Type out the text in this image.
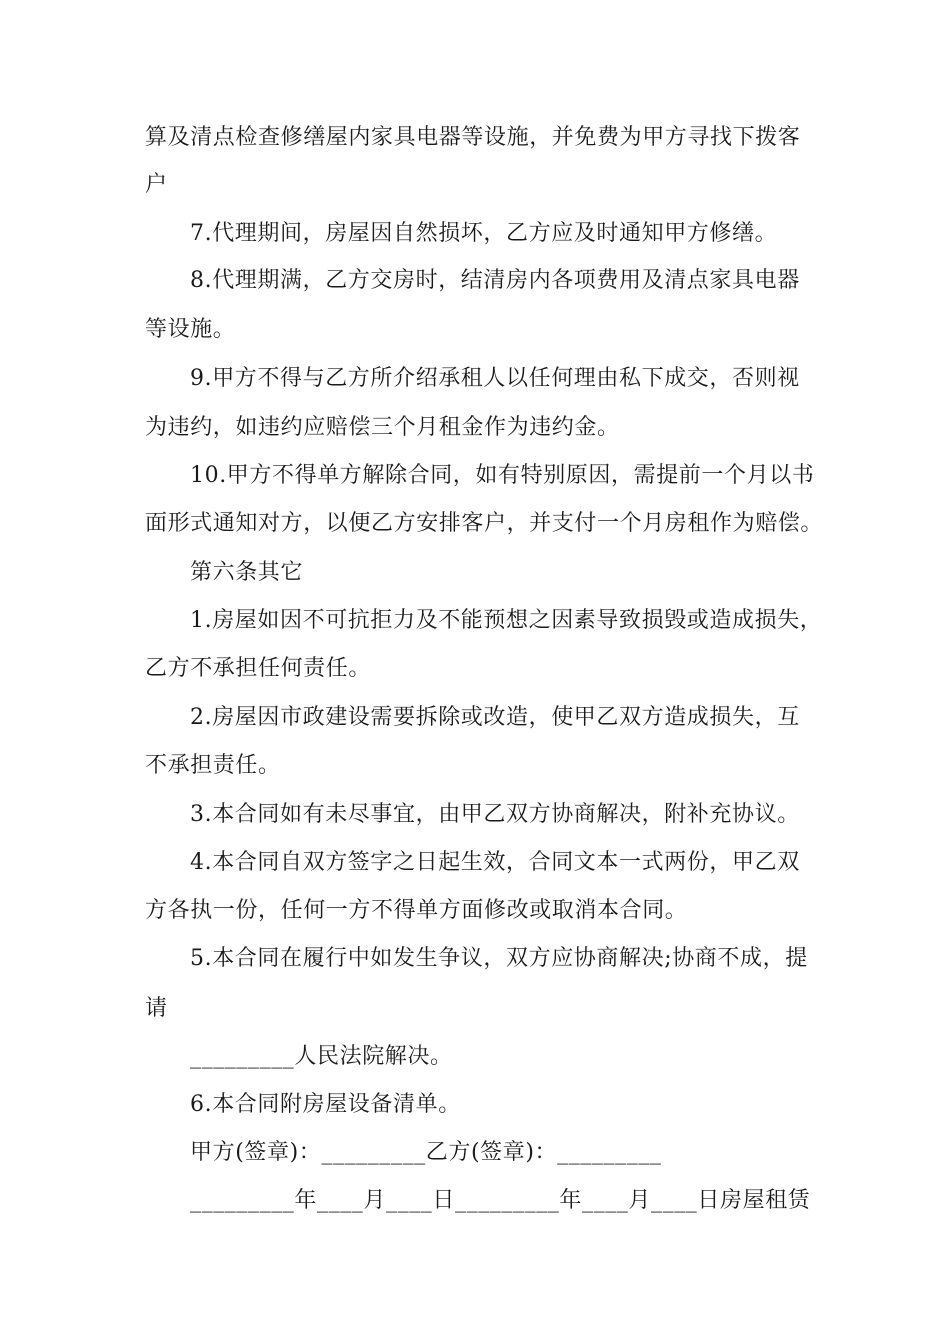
算及清点检查修缮屋内家具电器等设施，并免费为甲方寻找下拨客
户
7.代理期间，房屋因自然损坏，乙方应及时通知甲方修缮。
8.代理期满，乙方交房时，结清房内各项费用及清点家具电器
等设施。
9.甲方不得与乙方所介绍承租人以任何理由私下成交，否则视
为违约，如违约应赔偿三个月租金作为违约金。
10.甲方不得单方解除合同，如有特别原因，需提前一个月以书
面形式通知对方，以便乙方安排客户，并支付一个月房租作为赔偿。
第六条其它
1.房屋如因不可抗拒力及不能预想之因素导致损毁或造成损失，
乙方不承担任何责任。
2.房屋因市政建设需要拆除或改造，使甲乙双方造成损失，互
不承担责任。
3.本合同如有未尽事宜，由甲乙双方协商解决，附补充协议。
4.本合同自双方签字之日起生效，合同文本一式两份，甲乙双
方各执一份，任何一方不得单方面修改或取消本合同。
5.本合同在履行中如发生争议，双方应协商解决;协商不成，提
请
_________人民法院解决。
6.本合同附房屋设备清单。
甲方(签章)：_________乙方(签章)：_________
_________年____月____日_________年____月____日房屋租赁
